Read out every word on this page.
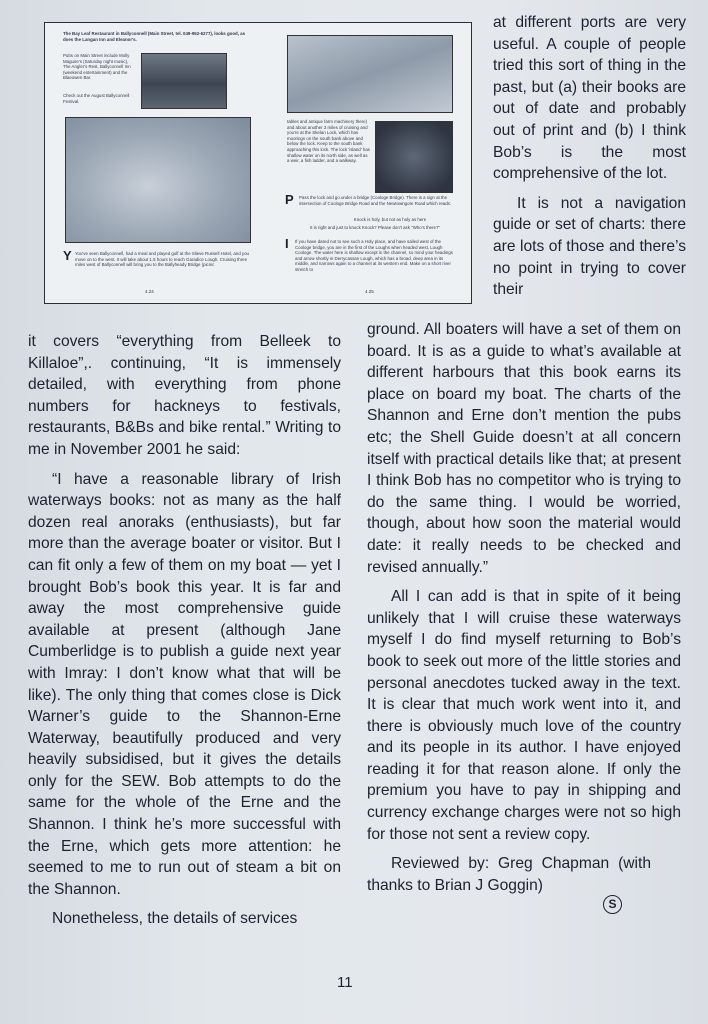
The Bay Leaf Restaurant in Ballyconnell (Main Street, tel. 049-952-6277), looks good, as does the Langan Inn and Eleanor's.

Pubs on Main Street include Molly Maguire's (Saturday night music), The Angler's Rest, Ballyconnell Inn (weekend entertainment) and the Blaeowen Bar.

Check out the August Ballyconnell Festival.

tables and antique farm machinery there) and about another 3 miles of cruising and you're at the Skelan Lock, which has moorings on the south bank above and below the lock. Keep to the south bank approaching this lock. The lock 'island' has shallow water on its north side, as well as a weir, a fish ladder, and a walkway.

P Pass the lock and go under a bridge (Coologe Bridge). There is a sign at the intersection of Coologe Bridge Road and the Newtowngore Road which reads:

Knock is holy, but not as holy as here

It is right and just to knock Knock? Please don't ask "Who's there?"

I If you have dared not to see such a Holy place, and have sailed west of the Coologe bridge, you are in the first of the Loughs when headed west, Lough Coologe. The water here is shallow except in the channel, so mind your headings and arrow shortly in Derrycassan Lough, which has a broad, deep area in its middle, and narrows again to a channel at its western end. Make on a short river stretch to

Y You've seen Ballyconnell, had a meal and played golf at the Slieve Russell Hotel, and you move on to the west. It will take about 1.5 hours to reach Garadice Lough. Cruising three miles west of Ballyconnell will bring you to the Ballyheady Bridge (picnic

4.24	4.25

at different ports are very useful. A couple of people tried this sort of thing in the past, but (a) their books are out of date and probably out of print and (b) I think Bob’s is the most comprehensive of the lot.

It is not a navigation guide or set of charts: there are lots of those and there’s no point in trying to cover their

it covers “everything from Belleek to Killaloe”,. continuing, “It is immensely detailed, with everything from phone numbers for hackneys to festivals, restaurants, B&Bs and bike rental.” Writing to me in November 2001 he said:

“I have a reasonable library of Irish waterways books: not as many as the half dozen real anoraks (enthusiasts), but far more than the average boater or visitor. But I can fit only a few of them on my boat — yet I brought Bob’s book this year. It is far and away the most comprehensive guide available at present (although Jane Cumberlidge is to publish a guide next year with Imray: I don’t know what that will be like). The only thing that comes close is Dick Warner’s guide to the Shannon-Erne Waterway, beautifully produced and very heavily subsidised, but it gives the details only for the SEW. Bob attempts to do the same for the whole of the Erne and the Shannon. I think he’s more successful with the Erne, which gets more attention: he seemed to me to run out of steam a bit on the Shannon.

Nonetheless, the details of services

ground. All boaters will have a set of them on board. It is as a guide to what’s available at different harbours that this book earns its place on board my boat. The charts of the Shannon and Erne don’t mention the pubs etc; the Shell Guide doesn’t at all concern itself with practical details like that; at present I think Bob has no competitor who is trying to do the same thing. I would be worried, though, about how soon the material would date: it really needs to be checked and revised annually.”

All I can add is that in spite of it being unlikely that I will cruise these waterways myself I do find myself returning to Bob’s book to seek out more of the little stories and personal anecdotes tucked away in the text. It is clear that much work went into it, and there is obviously much love of the country and its people in its author. I have enjoyed reading it for that reason alone. If only the premium you have to pay in shipping and currency exchange charges were not so high for those not sent a review copy.

Reviewed by: Greg Chapman (with thanks to Brian J Goggin)

S
11
